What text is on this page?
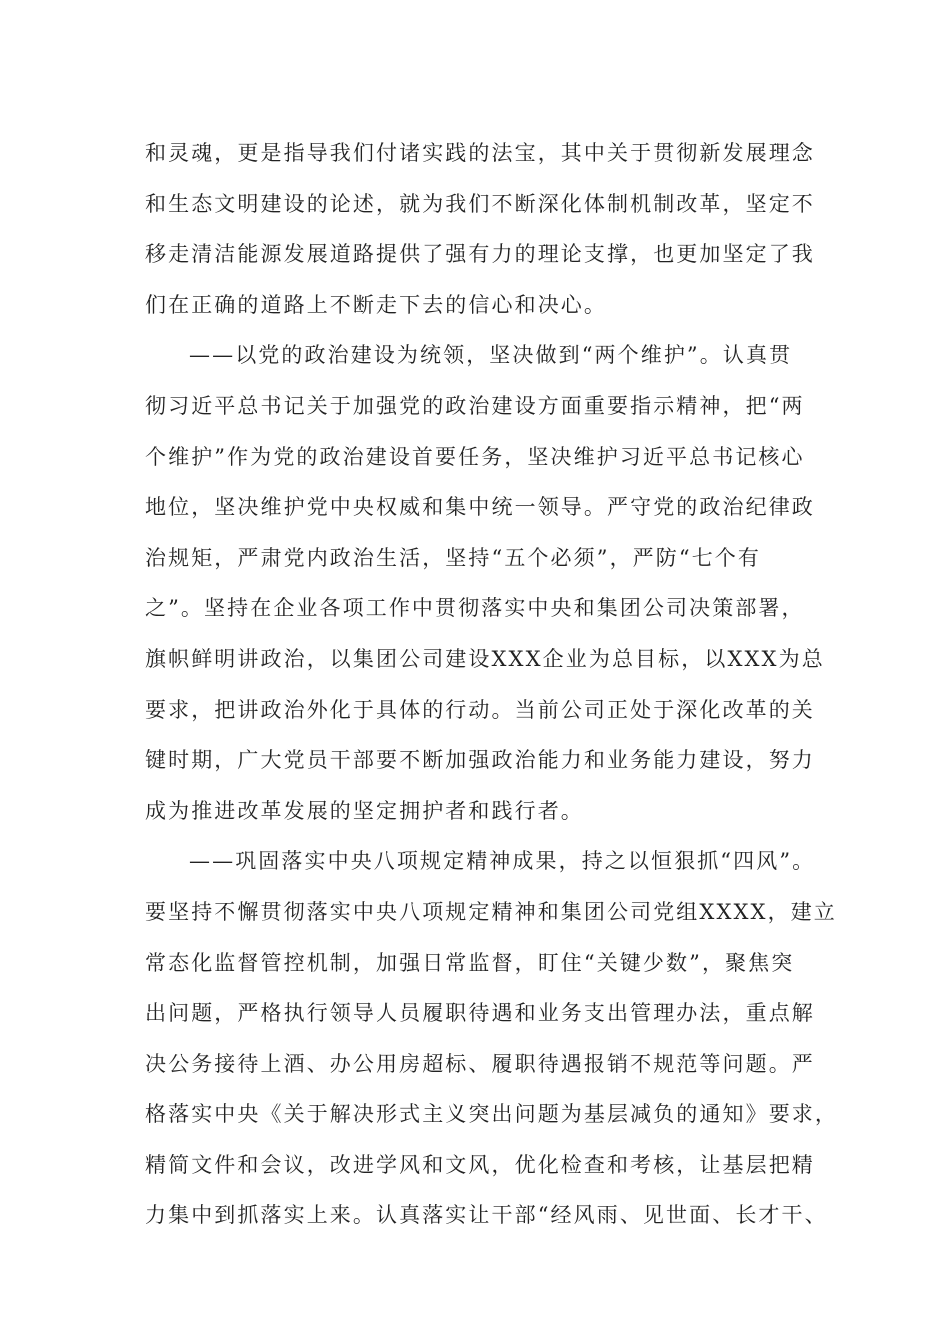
和灵魂，更是指导我们付诸实践的法宝，其中关于贯彻新发展理念
和生态文明建设的论述，就为我们不断深化体制机制改革，坚定不
移走清洁能源发展道路提供了强有力的理论支撑，也更加坚定了我
们在正确的道路上不断走下去的信心和决心。
——以党的政治建设为统领，坚决做到“两个维护”。认真贯
彻习近平总书记关于加强党的政治建设方面重要指示精神，把“两
个维护”作为党的政治建设首要任务，坚决维护习近平总书记核心
地位，坚决维护党中央权威和集中统一领导。严守党的政治纪律政
治规矩，严肃党内政治生活，坚持“五个必须”，严防“七个有
之”。坚持在企业各项工作中贯彻落实中央和集团公司决策部署，
旗帜鲜明讲政治，以集团公司建设XXX企业为总目标，以XXX为总
要求，把讲政治外化于具体的行动。当前公司正处于深化改革的关
键时期，广大党员干部要不断加强政治能力和业务能力建设，努力
成为推进改革发展的坚定拥护者和践行者。
——巩固落实中央八项规定精神成果，持之以恒狠抓“四风”。
要坚持不懈贯彻落实中央八项规定精神和集团公司党组XXXX，建立
常态化监督管控机制，加强日常监督，盯住“关键少数”，聚焦突
出问题，严格执行领导人员履职待遇和业务支出管理办法，重点解
决公务接待上酒、办公用房超标、履职待遇报销不规范等问题。严
格落实中央《关于解决形式主义突出问题为基层减负的通知》要求，
精简文件和会议，改进学风和文风，优化检查和考核，让基层把精
力集中到抓落实上来。认真落实让干部“经风雨、见世面、长才干、
